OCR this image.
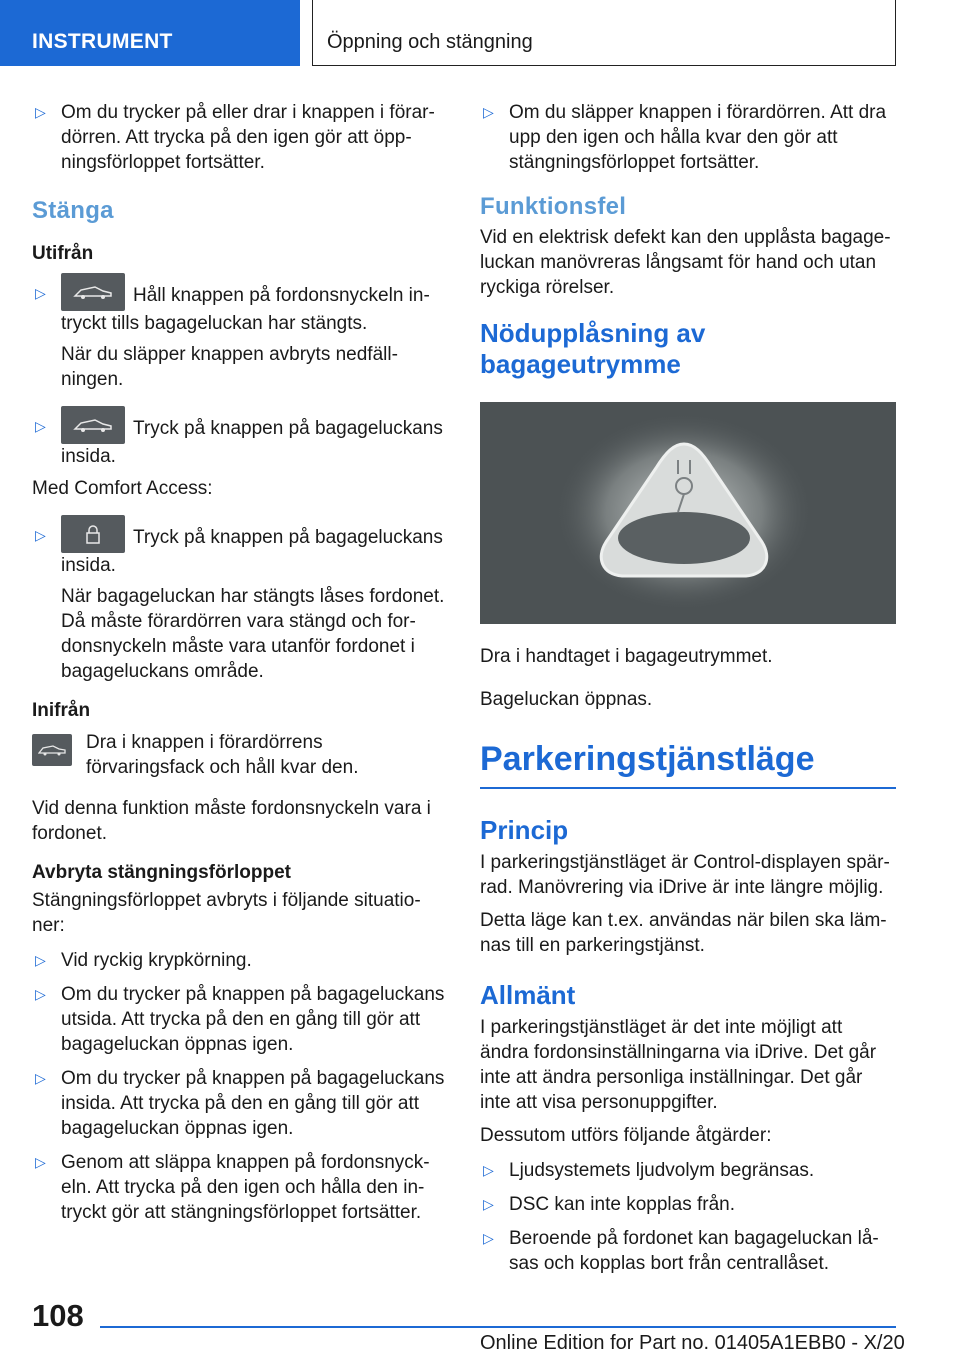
INSTRUMENT	Öppning och stängning
▷ Om du trycker på eller drar i knappen i förardörren. Att trycka på den igen gör att öppningsförloppet fortsätter.
Stänga
Utifrån
▷	Håll knappen på fordonsnyckeln intryckt tills bagageluckan har stängts.

När du släpper knappen avbryts nedfällningen.

▷	Tryck på knappen på bagageluckans insida.

Med Comfort Access:

▷	Tryck på knappen på bagageluckans insida.

När bagageluckan har stängts låses fordonet. Då måste förardörren vara stängd och fordonsnyckeln måste vara utanför fordonet i bagageluckans område.

Inifrån

Dra i knappen i förardörrens förvaringsfack och håll kvar den.

Vid denna funktion måste fordonsnyckeln vara i fordonet.

Avbryta stängningsförloppet

Stängningsförloppet avbryts i följande situationer:

▷ Vid ryckig krypkörning.
▷ Om du trycker på knappen på bagageluckans utsida. Att trycka på den en gång till gör att bagageluckan öppnas igen.
▷ Om du trycker på knappen på bagageluckans insida. Att trycka på den en gång till gör att bagageluckan öppnas igen.
▷ Genom att släppa knappen på fordonsnyckeln. Att trycka på den igen och hålla den intryckt gör att stängningsförloppet fortsätter.
▷ Om du släpper knappen i förardörren. Att dra upp den igen och hålla kvar den gör att stängningsförloppet fortsätter.
Funktionsfel

Vid en elektrisk defekt kan den upplåsta bagageluckan manövreras långsamt för hand och utan ryckiga rörelser.

Nödupplåsning av bagageutrymme

Dra i handtaget i bagageutrymmet.

Bageluckan öppnas.

Parkeringstjänstläge
Princip

I parkeringstjänstläget är Control-displayen spärrad. Manövrering via iDrive är inte längre möjlig.

Detta läge kan t.ex. användas när bilen ska lämnas till en parkeringstjänst.

Allmänt

I parkeringstjänstläget är det inte möjligt att ändra fordonsinställningarna via iDrive. Det går inte att ändra personliga inställningar. Det går inte att visa personuppgifter.

Dessutom utförs följande åtgärder:

▷ Ljudsystemets ljudvolym begränsas.
▷ DSC kan inte kopplas från.
▷ Beroende på fordonet kan bagageluckan låsas och kopplas bort från centrallåset.
108
Online Edition for Part no. 01405A1EBB0 - X/20
